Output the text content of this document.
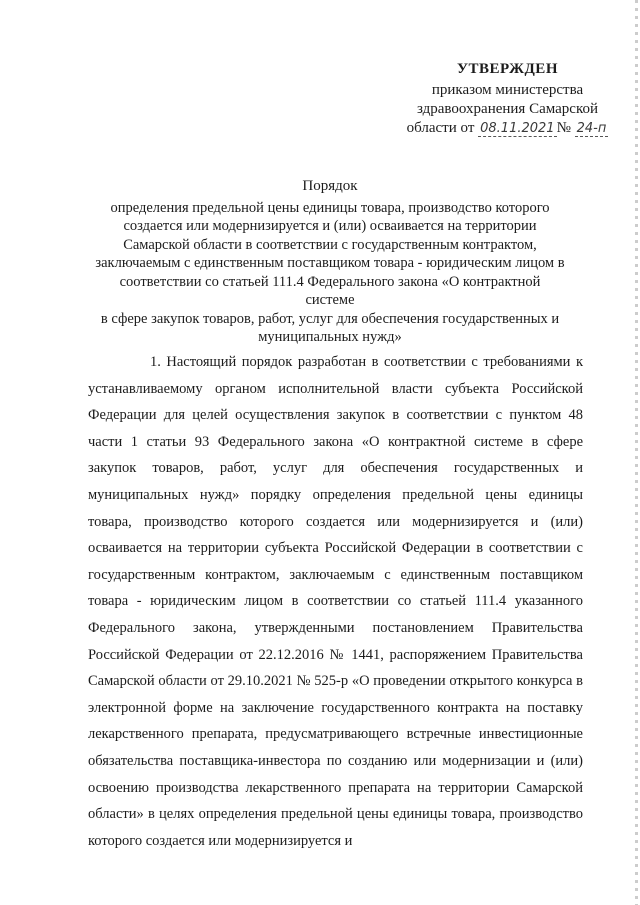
УТВЕРЖДЕН
приказом министерства
здравоохранения Самарской
области от 08.11.2021 № 24-п
Порядок
определения предельной цены единицы товара, производство которого
создается или модернизируется и (или) осваивается на территории
Самарской области в соответствии с государственным контрактом,
заключаемым с единственным поставщиком товара - юридическим лицом в
соответствии со статьей 111.4 Федерального закона «О контрактной системе
в сфере закупок товаров, работ, услуг для обеспечения государственных и
муниципальных нужд»
1. Настоящий порядок разработан в соответствии с требованиями к устанавливаемому органом исполнительной власти субъекта Российской Федерации для целей осуществления закупок в соответствии с пунктом 48 части 1 статьи 93 Федерального закона «О контрактной системе в сфере закупок товаров, работ, услуг для обеспечения государственных и муниципальных нужд» порядку определения предельной цены единицы товара, производство которого создается или модернизируется и (или) осваивается на территории субъекта Российской Федерации в соответствии с государственным контрактом, заключаемым с единственным поставщиком товара - юридическим лицом в соответствии со статьей 111.4 указанного Федерального закона, утвержденными постановлением Правительства Российской Федерации от 22.12.2016 № 1441, распоряжением Правительства Самарской области от 29.10.2021 № 525-р «О проведении открытого конкурса в электронной форме на заключение государственного контракта на поставку лекарственного препарата, предусматривающего встречные инвестиционные обязательства поставщика-инвестора по созданию или модернизации и (или) освоению производства лекарственного препарата на территории Самарской области» в целях определения предельной цены единицы товара, производство которого создается или модернизируется и
